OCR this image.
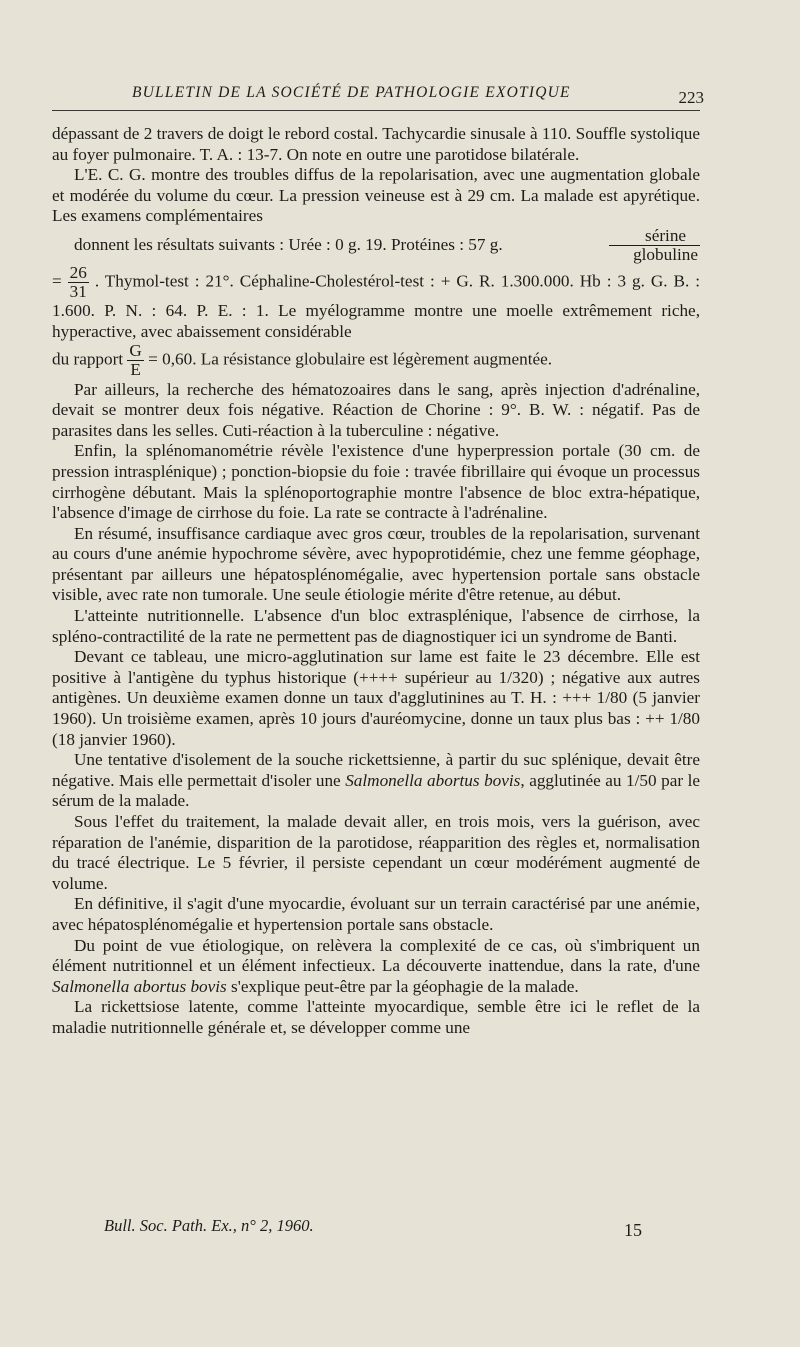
BULLETIN DE LA SOCIÉTÉ DE PATHOLOGIE EXOTIQUE	223

dépassant de 2 travers de doigt le rebord costal. Tachycardie sinusale à 110. Souffle systolique au foyer pulmonaire. T. A. : 13-7. On note en outre une parotidose bilatérale.

L'E. C. G. montre des troubles diffus de la repolarisation, avec une augmentation globale et modérée du volume du cœur. La pression veineuse est à 29 cm. La malade est apyrétique. Les examens complémentaires

donnent les résultats suivants : Urée : 0 g. 19. Protéines : 57 g.	$\frac{\text{sérine}}{\text{globuline}}$

= $\frac{26}{31}$ . Thymol-test : 21°. Céphaline-Cholestérol-test : + G. R. 1.300.000. Hb : 3 g. G. B. : 1.600. P. N. : 64. P. E. : 1. Le myélogramme montre une moelle extrêmement riche, hyperactive, avec abaissement considérable

du rapport $\frac{G}{E} = 0,60$. La résistance globulaire est légèrement augmentée.

Par ailleurs, la recherche des hématozoaires dans le sang, après injection d'adrénaline, devait se montrer deux fois négative. Réaction de Chorine : 9°. B. W. : négatif. Pas de parasites dans les selles. Cuti-réaction à la tuberculine : négative.

Enfin, la splénomanométrie révèle l'existence d'une hyperpression portale (30 cm. de pression intrasplénique) ; ponction-biopsie du foie : travée fibrillaire qui évoque un processus cirrhogène débutant. Mais la splénoportographie montre l'absence de bloc extra-hépatique, l'absence d'image de cirrhose du foie. La rate se contracte à l'adrénaline.

En résumé, insuffisance cardiaque avec gros cœur, troubles de la repolarisation, survenant au cours d'une anémie hypochrome sévère, avec hypoprotidémie, chez une femme géophage, présentant par ailleurs une hépatosplénomégalie, avec hypertension portale sans obstacle visible, avec rate non tumorale. Une seule étiologie mérite d'être retenue, au début.

L'atteinte nutritionnelle. L'absence d'un bloc extrasplénique, l'absence de cirrhose, la spléno-contractilité de la rate ne permettent pas de diagnostiquer ici un syndrome de Banti.

Devant ce tableau, une micro-agglutination sur lame est faite le 23 décembre. Elle est positive à l'antigène du typhus historique (++++ supérieur au 1/320) ; négative aux autres antigènes. Un deuxième examen donne un taux d'agglutinines au T. H. : +++ 1/80 (5 janvier 1960). Un troisième examen, après 10 jours d'auréomycine, donne un taux plus bas : ++ 1/80 (18 janvier 1960).

Une tentative d'isolement de la souche rickettsienne, à partir du suc splénique, devait être négative. Mais elle permettait d'isoler une Salmonella abortus bovis, agglutinée au 1/50 par le sérum de la malade.

Sous l'effet du traitement, la malade devait aller, en trois mois, vers la guérison, avec réparation de l'anémie, disparition de la parotidose, réapparition des règles et, normalisation du tracé électrique. Le 5 février, il persiste cependant un cœur modérément augmenté de volume.

En définitive, il s'agit d'une myocardie, évoluant sur un terrain caractérisé par une anémie, avec hépatosplénomégalie et hypertension portale sans obstacle.

Du point de vue étiologique, on relèvera la complexité de ce cas, où s'imbriquent un élément nutritionnel et un élément infectieux. La découverte inattendue, dans la rate, d'une Salmonella abortus bovis s'explique peut-être par la géophagie de la malade.

La rickettsiose latente, comme l'atteinte myocardique, semble être ici le reflet de la maladie nutritionnelle générale et, se développer comme une

Bull. Soc. Path. Ex., n° 2, 1960.	15
